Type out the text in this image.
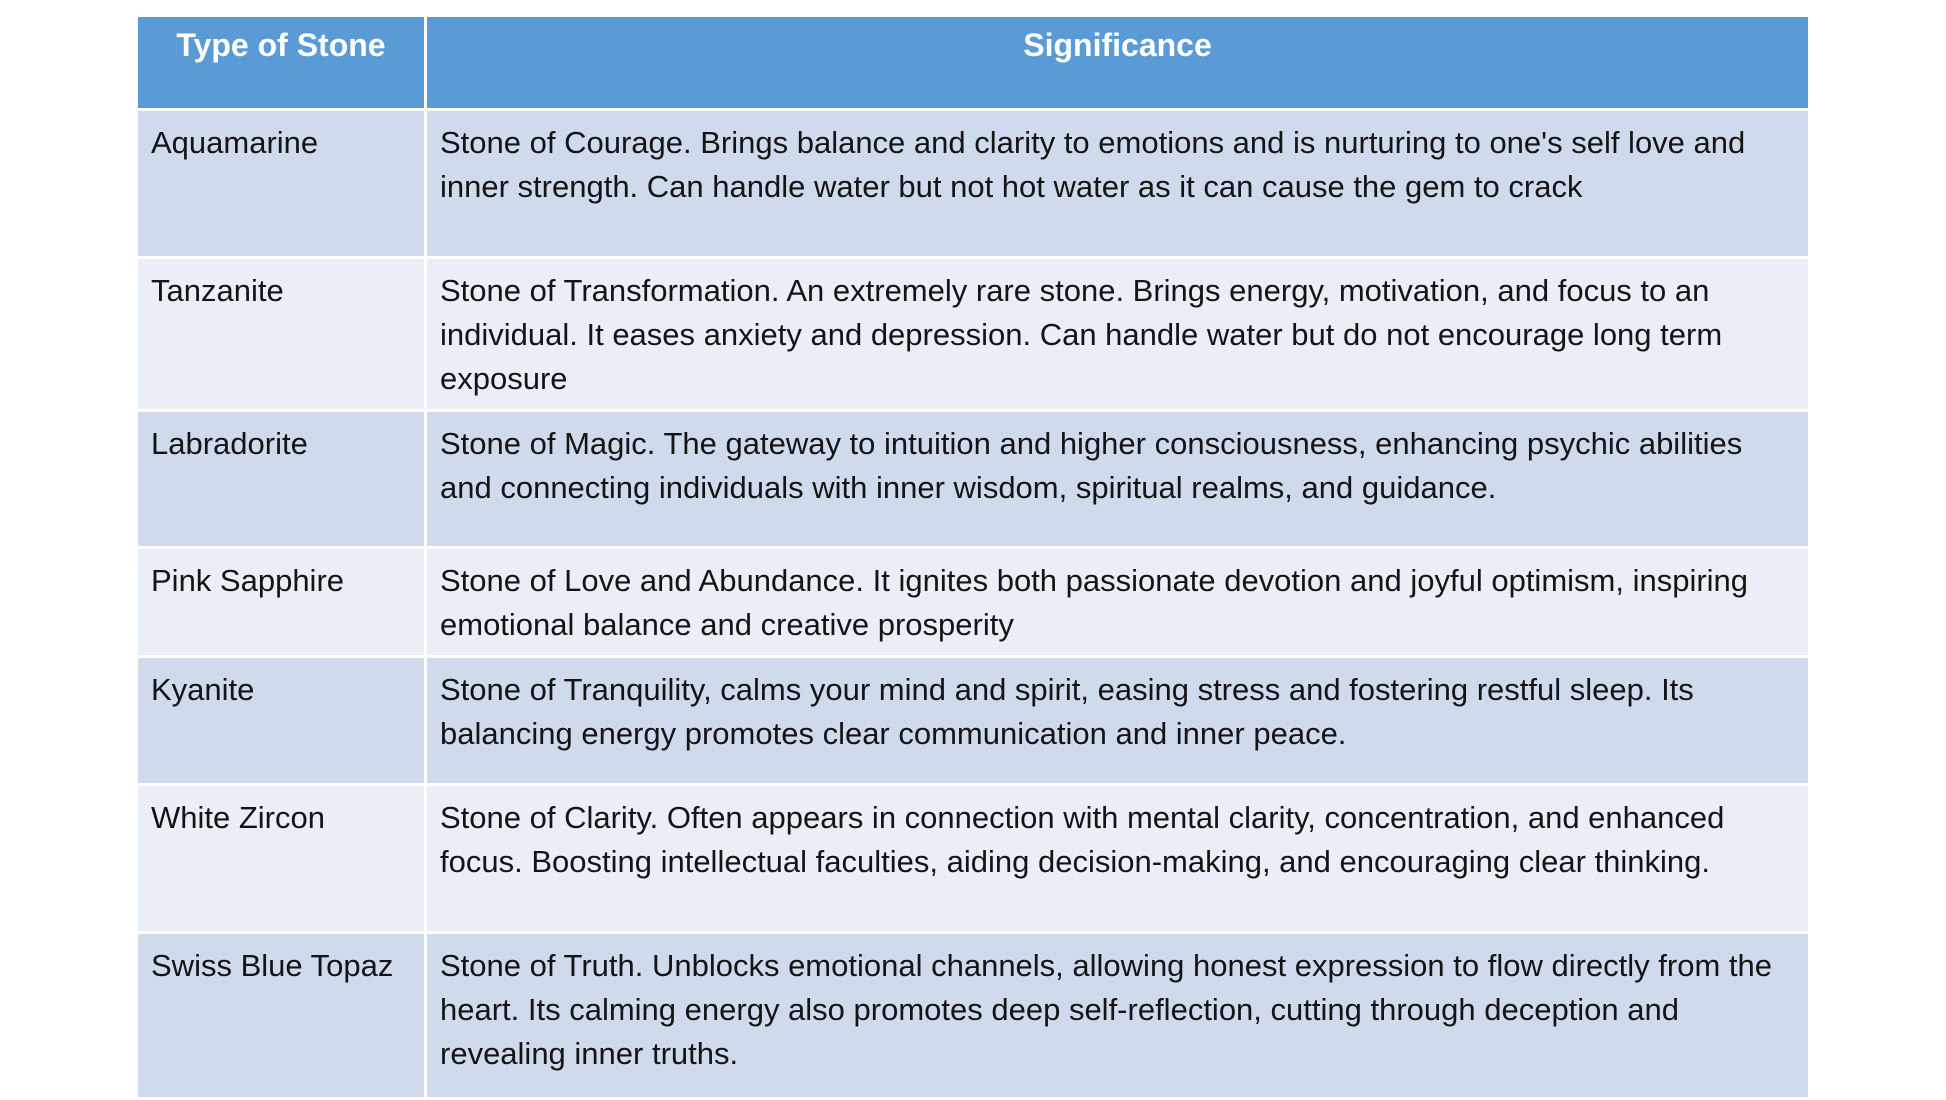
Type of Stone	Significance
Aquamarine	Stone of Courage. Brings balance and clarity to emotions and is nurturing to one's self love and inner strength. Can handle water but not hot water as it can cause the gem to crack
Tanzanite	Stone of Transformation. An extremely rare stone. Brings energy, motivation, and focus to an individual. It eases anxiety and depression. Can handle water but do not encourage long term exposure
Labradorite	Stone of Magic. The gateway to intuition and higher consciousness, enhancing psychic abilities and connecting individuals with inner wisdom, spiritual realms, and guidance.
Pink Sapphire	Stone of Love and Abundance. It ignites both passionate devotion and joyful optimism, inspiring emotional balance and creative prosperity
Kyanite	Stone of Tranquility, calms your mind and spirit, easing stress and fostering restful sleep. Its balancing energy promotes clear communication and inner peace.
White Zircon	Stone of Clarity. Often appears in connection with mental clarity, concentration, and enhanced focus. Boosting intellectual faculties, aiding decision-making, and encouraging clear thinking.
Swiss Blue Topaz	Stone of Truth. Unblocks emotional channels, allowing honest expression to flow directly from the heart. Its calming energy also promotes deep self-reflection, cutting through deception and revealing inner truths.
